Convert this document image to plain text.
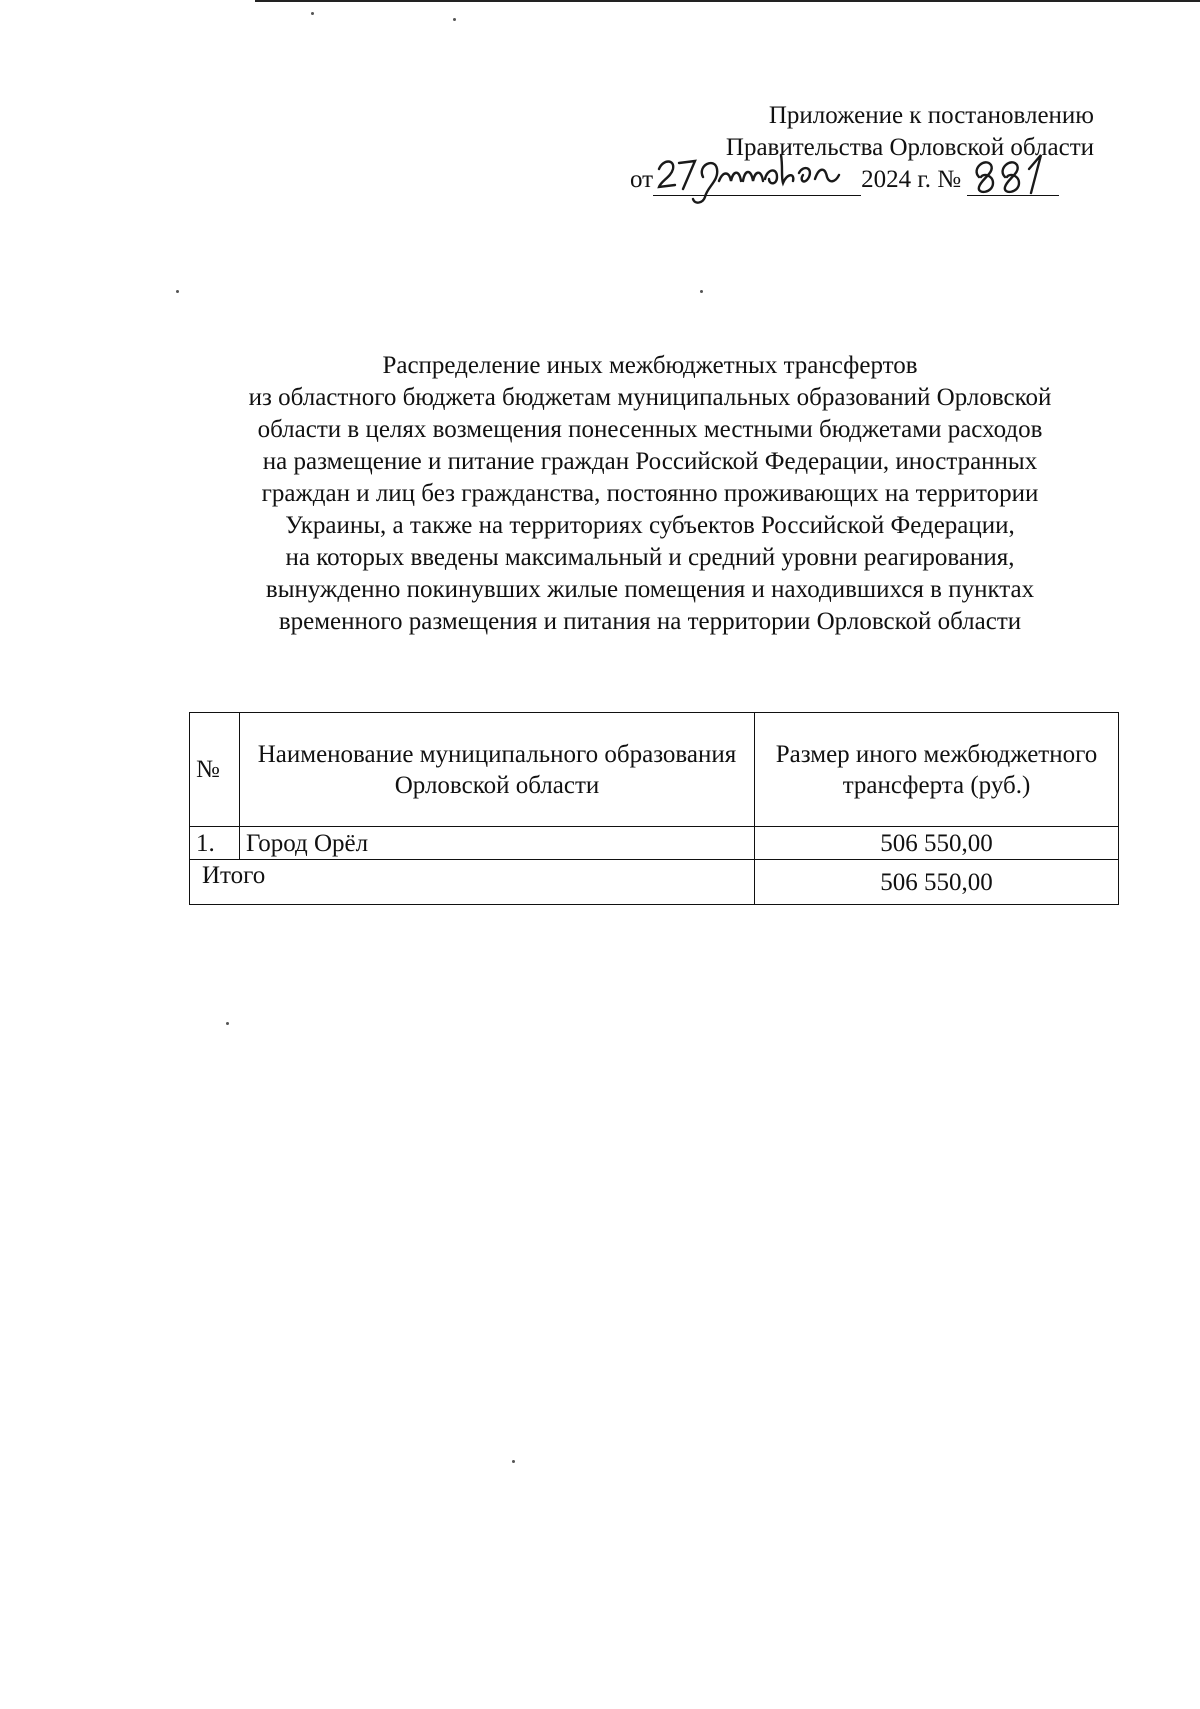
Приложение к постановлению
Правительства Орловской области
от	2024 г. №
Распределение иных межбюджетных трансфертов
из областного бюджета бюджетам муниципальных образований Орловской
области в целях возмещения понесенных местными бюджетами расходов
на размещение и питание граждан Российской Федерации, иностранных
граждан и лиц без гражданства, постоянно проживающих на территории
Украины, а также на территориях субъектов Российской Федерации,
на которых введены максимальный и средний уровни реагирования,
вынужденно покинувших жилые помещения и находившихся в пунктах
временного размещения и питания на территории Орловской области
№	Наименование муниципального образования Орловской области	Размер иного межбюджетного трансферта (руб.)
1.	Город Орёл	506 550,00
Итого		506 550,00
